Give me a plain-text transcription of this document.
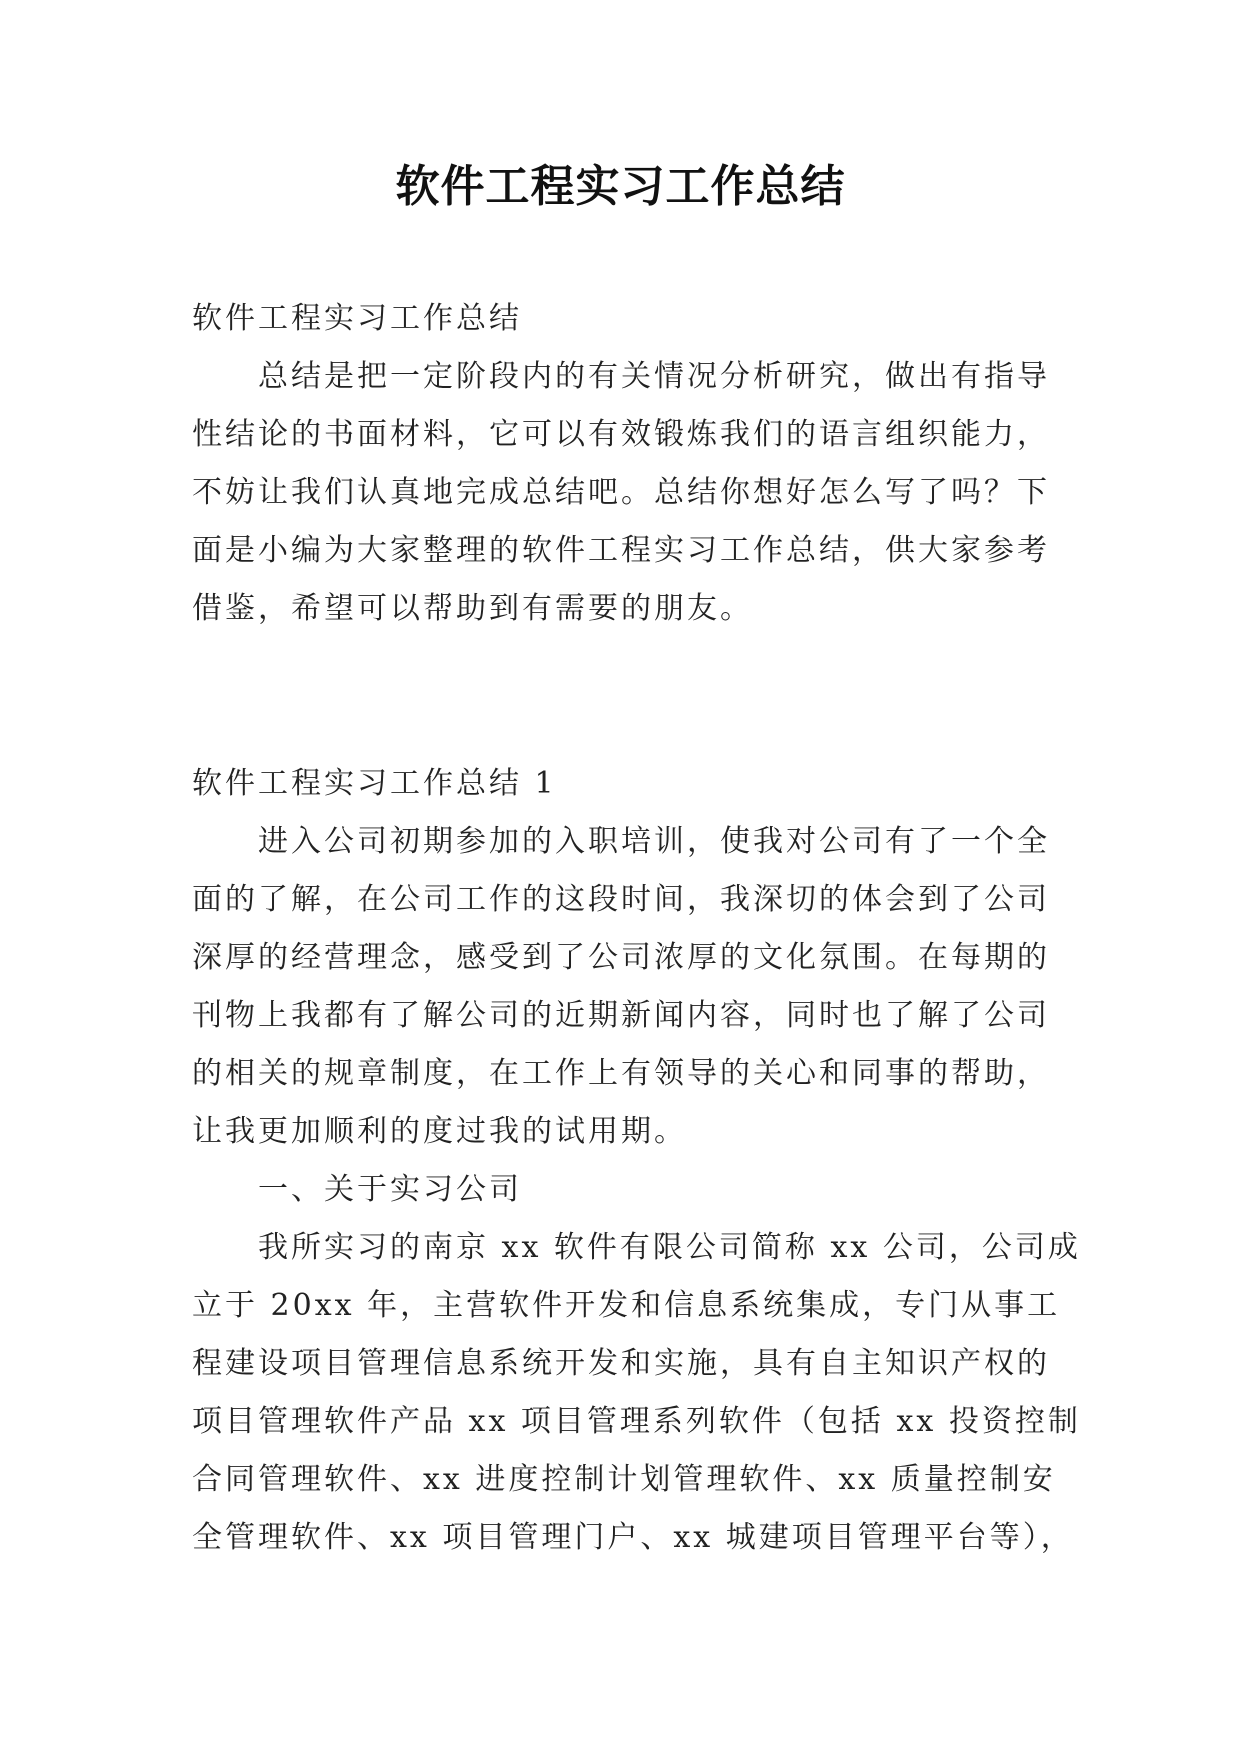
软件工程实习工作总结

软件工程实习工作总结

总结是把一定阶段内的有关情况分析研究，做出有指导
性结论的书面材料，它可以有效锻炼我们的语言组织能力，
不妨让我们认真地完成总结吧。总结你想好怎么写了吗？下
面是小编为大家整理的软件工程实习工作总结，供大家参考
借鉴，希望可以帮助到有需要的朋友。

软件工程实习工作总结 1

进入公司初期参加的入职培训，使我对公司有了一个全
面的了解，在公司工作的这段时间，我深切的体会到了公司
深厚的经营理念，感受到了公司浓厚的文化氛围。在每期的
刊物上我都有了解公司的近期新闻内容，同时也了解了公司
的相关的规章制度，在工作上有领导的关心和同事的帮助，
让我更加顺利的度过我的试用期。

一、关于实习公司

我所实习的南京 xx 软件有限公司简称 xx 公司，公司成
立于 20xx 年，主营软件开发和信息系统集成，专门从事工
程建设项目管理信息系统开发和实施，具有自主知识产权的
项目管理软件产品 xx 项目管理系列软件（包括 xx 投资控制
合同管理软件、xx 进度控制计划管理软件、xx 质量控制安
全管理软件、xx 项目管理门户、xx 城建项目管理平台等），
